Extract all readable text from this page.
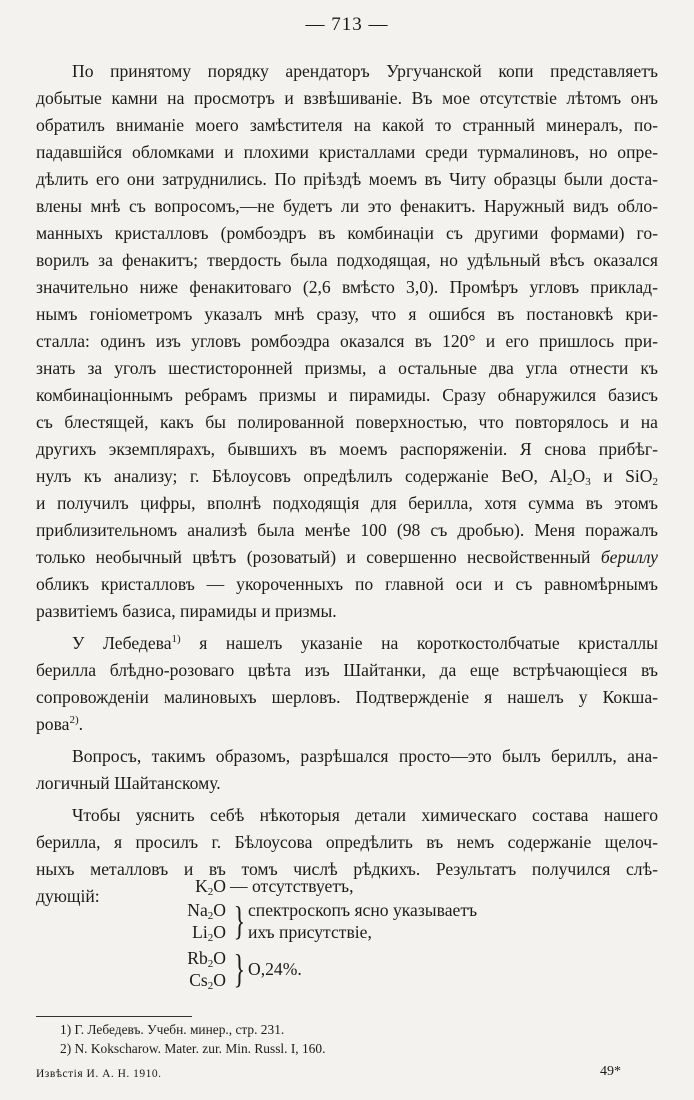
— 713 —
По принятому порядку арендаторъ Ургучанской копи представляетъ
добытые камни на просмотръ и взвѣшиваніе. Въ мое отсутствіе лѣтомъ онъ
обратилъ вниманіе моего замѣстителя на какой то странный минералъ, по-
падавшійся обломками и плохими кристаллами среди турмалиновъ, но опре-
дѣлить его они затруднились. По пріѣздѣ моемъ въ Читу образцы были доста-
влены мнѣ съ вопросомъ,—не будетъ ли это фенакитъ. Наружный видъ обло-
манныхъ кристалловъ (ромбоэдръ въ комбинаціи съ другими формами) го-
ворилъ за фенакитъ; твердость была подходящая, но удѣльный вѣсъ оказался
значительно ниже фенакитоваго (2,6 вмѣсто 3,0). Промѣръ угловъ приклад-
нымъ гоніометромъ указалъ мнѣ сразу, что я ошибся въ постановкѣ кри-
сталла: одинъ изъ угловъ ромбоэдра оказался въ 120° и его пришлось при-
знать за уголъ шестисторонней призмы, а остальные два угла отнести къ
комбинаціоннымъ ребрамъ призмы и пирамиды. Сразу обнаружился базисъ
съ блестящей, какъ бы полированной поверхностью, что повторялось и на
другихъ экземплярахъ, бывшихъ въ моемъ распоряженіи. Я снова прибѣг-
нулъ къ анализу; г. Бѣлоусовъ опредѣлилъ содержаніе BeO, $Al_2O_3$ и SiO$_2$
и получилъ цифры, вполнѣ подходящія для берилла, хотя сумма въ этомъ
приблизительномъ анализѣ была менѣе 100 (98 съ дробью). Меня поражалъ
только необычный цвѣтъ (розоватый) и совершенно несвойственный бериллу
обликъ кристалловъ — укороченныхъ по главной оси и съ равномѣрнымъ
развитіемъ базиса, пирамиды и призмы.
У Лебедева$^{1)}$ я нашелъ указаніе на короткостолбчатые кристаллы
берилла блѣдно-розоваго цвѣта изъ Шайтанки, да еще встрѣчающіеся въ
сопровожденіи малиновыхъ шерловъ. Подтвержденіе я нашелъ у Кокша-
рова$^{2)}$.
Вопросъ, такимъ образомъ, разрѣшался просто—это былъ бериллъ, ана-
логичный Шайтанскому.
Чтобы уяснить себѣ нѣкоторыя детали химическаго состава нашего
берилла, я просилъ г. Бѣлоусова опредѣлить въ немъ содержаніе щелоч-
ныхъ металловъ и въ томъ числѣ рѣдкихъ. Результатъ получился слѣ-
дующій:	$K_2O$ — отсутствуетъ,
$Na_2O$
$Li_2O$ } спектроскопъ ясно указываетъ
ихъ присутствіе,
$Rb_2O$
$Cs_2O$ } O,24%.
1) Г. Лебедевъ. Учебн. минер., стр. 231.
2) N. Kokscharow. Mater. zur. Min. Russl. I, 160.
Извѣстія И. А. Н. 1910.	49*
